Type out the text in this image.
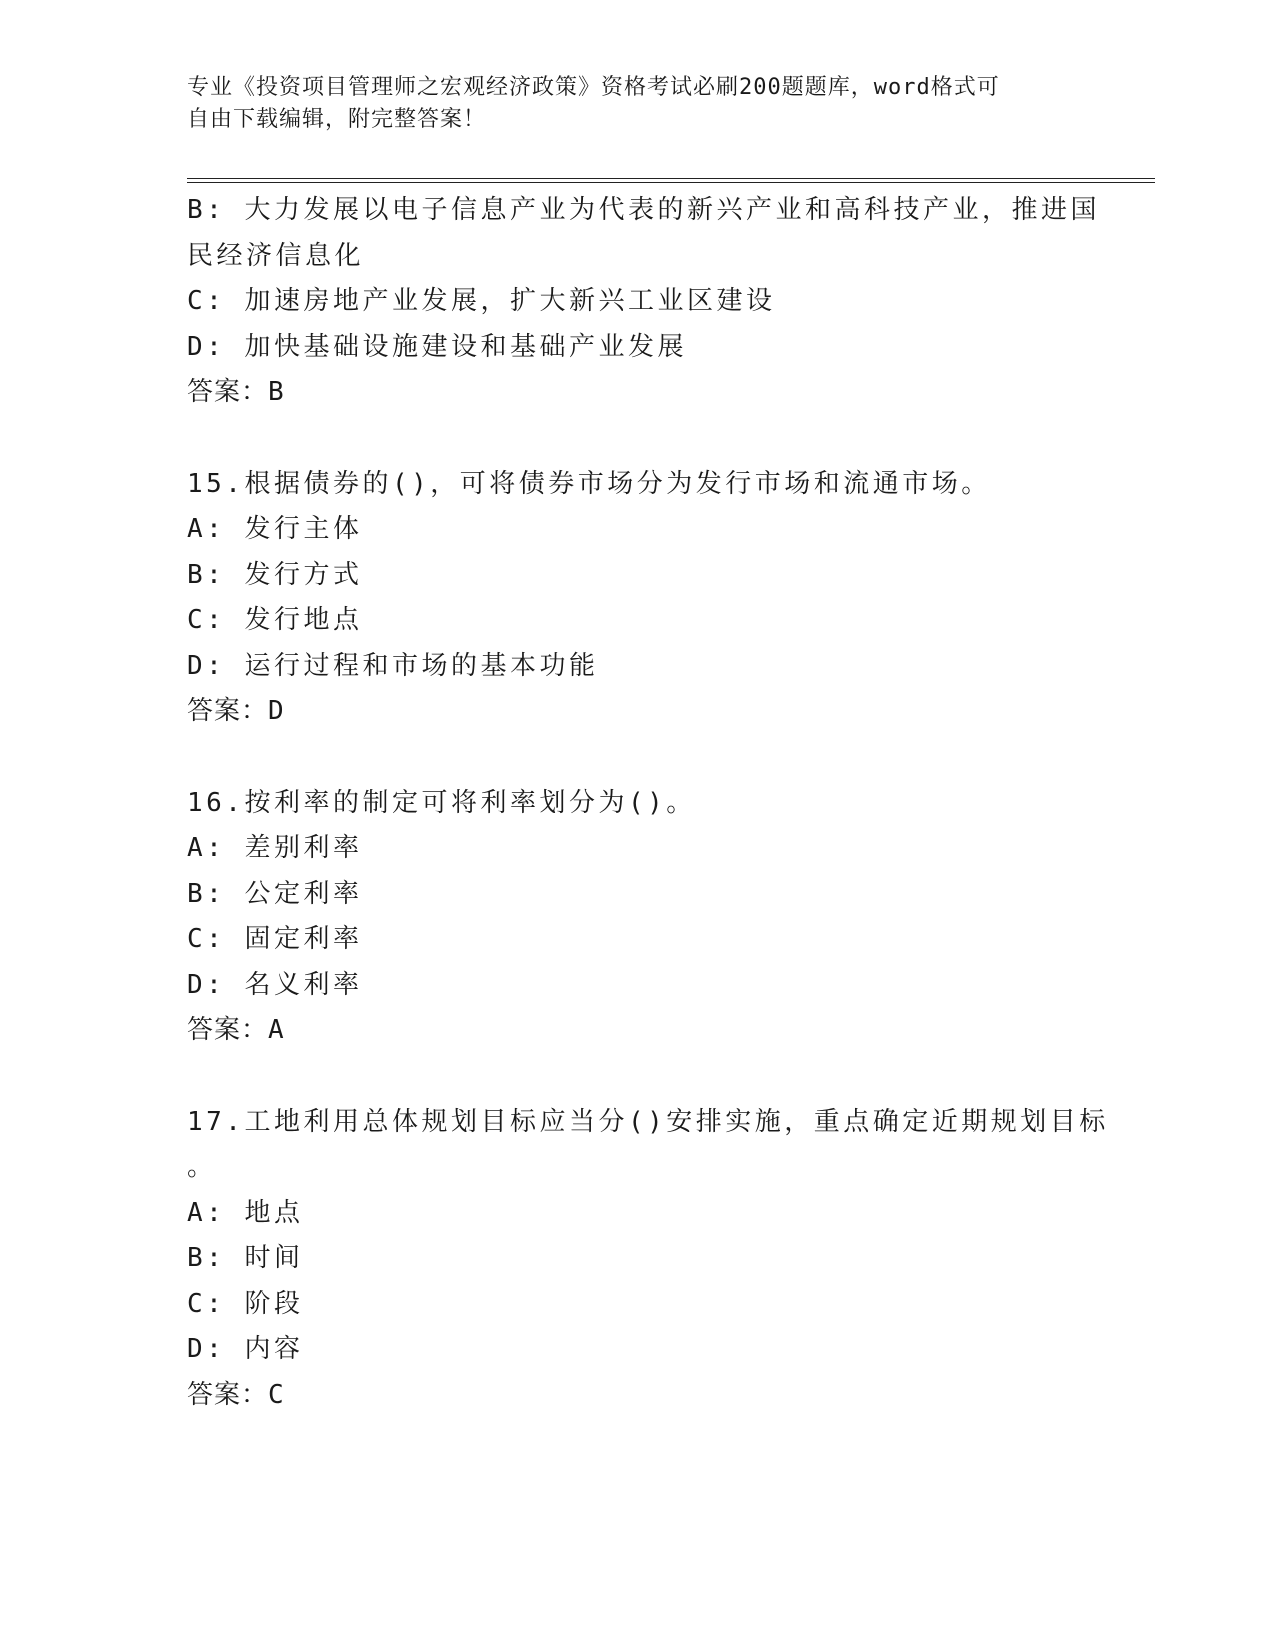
专业《投资项目管理师之宏观经济政策》资格考试必刷200题题库，word格式可
自由下载编辑，附完整答案！
B: 大力发展以电子信息产业为代表的新兴产业和高科技产业，推进国
民经济信息化
C: 加速房地产业发展，扩大新兴工业区建设
D: 加快基础设施建设和基础产业发展
答案：B
15.根据债券的()，可将债券市场分为发行市场和流通市场。
A: 发行主体
B: 发行方式
C: 发行地点
D: 运行过程和市场的基本功能
答案：D
16.按利率的制定可将利率划分为()。
A: 差别利率
B: 公定利率
C: 固定利率
D: 名义利率
答案：A
17.工地利用总体规划目标应当分()安排实施，重点确定近期规划目标
。
A: 地点
B: 时间
C: 阶段
D: 内容
答案：C
